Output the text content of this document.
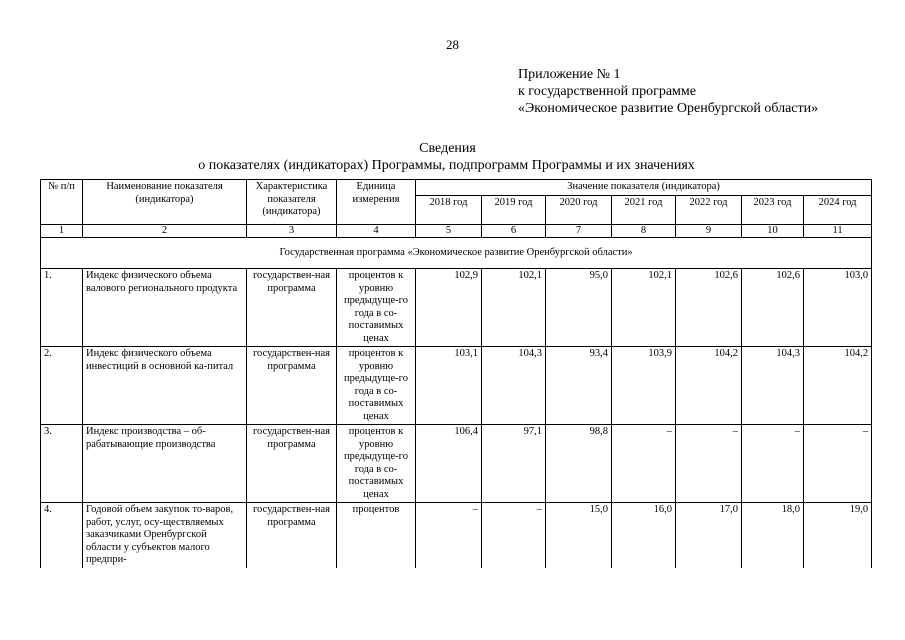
28
Приложение № 1
к государственной программе
«Экономическое развитие Оренбургской области»
Сведения
о показателях (индикаторах) Программы, подпрограмм Программы и их значениях
№ п/п	Наименование показателя (индикатора)	Характеристика показателя (индикатора)	Единица измерения	Значение показателя (индикатора)						
				2018 год	2019 год	2020 год	2021 год	2022 год	2023 год	2024 год
1	2	3	4	5	6	7	8	9	10	11
Государственная программа «Экономическое развитие Оренбургской области»										
1.	Индекс физического объема валового регионального продукта	государствен-ная программа	процентов к уровню предыдуще-го года в со-поставимых ценах	102,9	102,1	95,0	102,1	102,6	102,6	103,0
2.	Индекс физического объема инвестиций в основной ка-питал	государствен-ная программа	процентов к уровню предыдуще-го года в со-поставимых ценах	103,1	104,3	93,4	103,9	104,2	104,3	104,2
3.	Индекс производства – об-рабатывающие производства	государствен-ная программа	процентов к уровню предыдуще-го года в со-поставимых ценах	106,4	97,1	98,8	–	–	–	–
4.	Годовой объем закупок то-варов, работ, услуг, осу-ществляемых заказчиками Оренбургской области у субъектов малого предпри-	государствен-ная программа	процентов	–	–	15,0	16,0	17,0	18,0	19,0
